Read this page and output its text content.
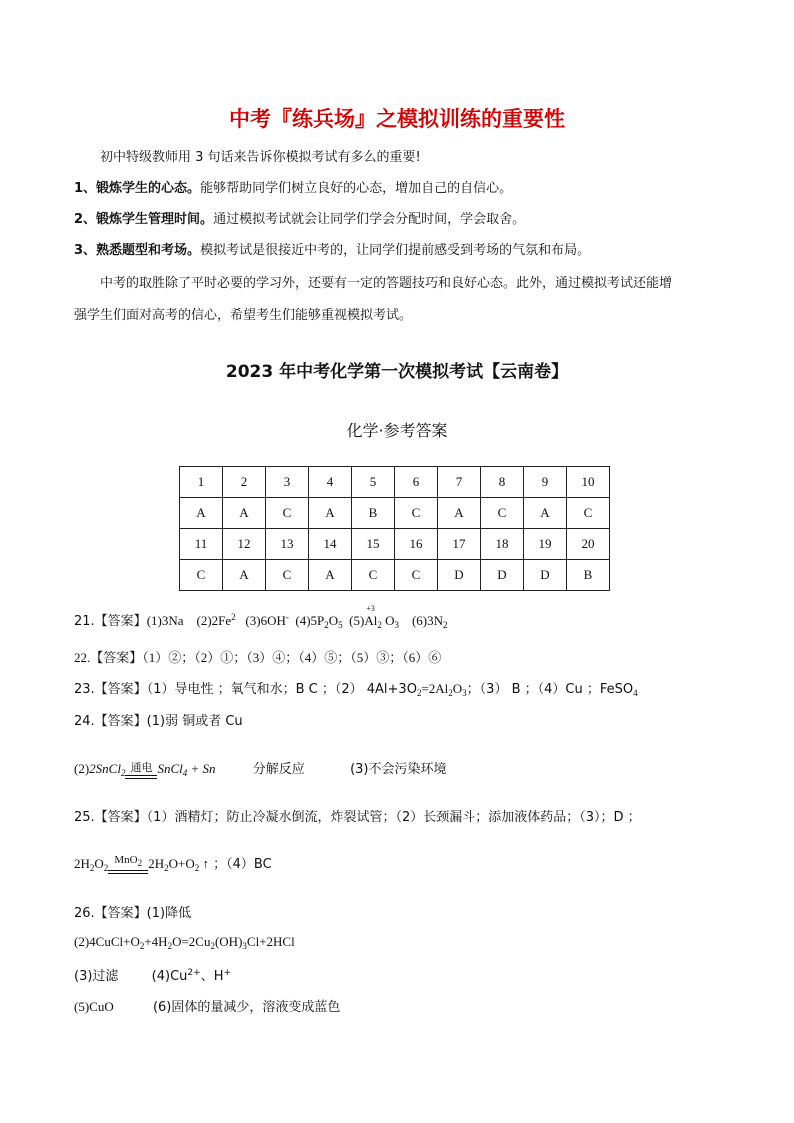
中考『练兵场』之模拟训练的重要性
初中特级教师用 3 句话来告诉你模拟考试有多么的重要!
1、锻炼学生的心态。能够帮助同学们树立良好的心态，增加自己的自信心。
2、锻炼学生管理时间。通过模拟考试就会让同学们学会分配时间，学会取舍。
3、熟悉题型和考场。模拟考试是很接近中考的，让同学们提前感受到考场的气氛和布局。
中考的取胜除了平时必要的学习外，还要有一定的答题技巧和良好心态。此外，通过模拟考试还能增
强学生们面对高考的信心，希望考生们能够重视模拟考试。
2023 年中考化学第一次模拟考试【云南卷】
化学·参考答案
1	2	3	4	5	6	7	8	9	10
A	A	C	A	B	C	A	C	A	C
11	12	13	14	15	16	17	18	19	20
C	A	C	A	C	C	D	D	D	B
21.【答案】(1)3Na    (2)2Fe$^2$   (3)6OH-  $(4)5P_2O_5$  (5)
+3
$Al_2$ $O_3$    $(6)3N_2$
22.【答案】（1）②；（2）①；（3）④；（4）⑤；（5）③；（6）⑥
23.【答案】（1）导电性 ；氧气和水；B C ；（2） $4Al+3O_2=2Al_2O_3$；（3） B ；（4）Cu ；FeSO$_4$
24.【答案】(1)弱 铜或者 Cu
(2)2SnCl$_2$ 通电 SnCl$_4$ + Sn	分解反应	(3)不会污染环境
25.【答案】（1）酒精灯；防止冷凝水倒流，炸裂试管；（2）长颈漏斗；添加液体药品；（3）；D ；
$2H_2O_2$
MnO$_2$ $2H_2O+O_2$ ↑ ；（4）BC
26.【答案】(1)降低
$(2)4CuCl+O_2+4H_2O=2Cu_2(OH)_3Cl+2HCl$
(3)过滤	$(4)Cu^{2+}$、H+
(5)CuO	(6)固体的量减少，溶液变成蓝色
